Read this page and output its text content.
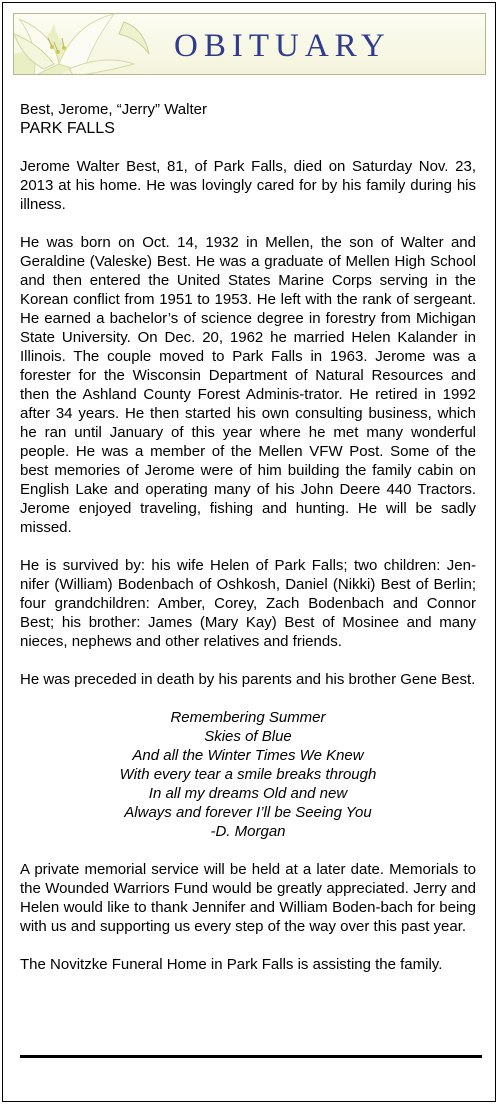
OBITUARY

Best, Jerome, “Jerry” Walter

PARK FALLS

Jerome Walter Best, 81, of Park Falls, died on Saturday Nov. 23, 2013 at his home. He was lovingly cared for by his family during his illness.

He was born on Oct. 14, 1932 in Mellen, the son of Walter and Geraldine (Valeske) Best. He was a graduate of Mellen High School and then entered the United States Marine Corps serving in the Korean conflict from 1951 to 1953. He left with the rank of sergeant. He earned a bachelor’s of science degree in forestry from Michigan State University. On Dec. 20, 1962 he married Helen Kalander in Illinois. The couple moved to Park Falls in 1963. Jerome was a forester for the Wisconsin Department of Natural Resources and then the Ashland County Forest Adminis-trator. He retired in 1992 after 34 years. He then started his own consulting business, which he ran until January of this year where he met many wonderful people. He was a member of the Mellen VFW Post. Some of the best memories of Jerome were of him building the family cabin on English Lake and operating many of his John Deere 440 Tractors. Jerome enjoyed traveling, fishing and hunting. He will be sadly missed.

He is survived by: his wife Helen of Park Falls; two children: Jen-nifer (William) Bodenbach of Oshkosh, Daniel (Nikki) Best of Berlin; four grandchildren: Amber, Corey, Zach Bodenbach and Connor Best; his brother: James (Mary Kay) Best of Mosinee and many nieces, nephews and other relatives and friends.

He was preceded in death by his parents and his brother Gene Best.

Remembering Summer
Skies of Blue
And all the Winter Times We Knew
With every tear a smile breaks through
In all my dreams Old and new
Always and forever I’ll be Seeing You
-D. Morgan

A private memorial service will be held at a later date. Memorials to the Wounded Warriors Fund would be greatly appreciated. Jerry and Helen would like to thank Jennifer and William Boden-bach for being with us and supporting us every step of the way over this past year.

The Novitzke Funeral Home in Park Falls is assisting the family.
